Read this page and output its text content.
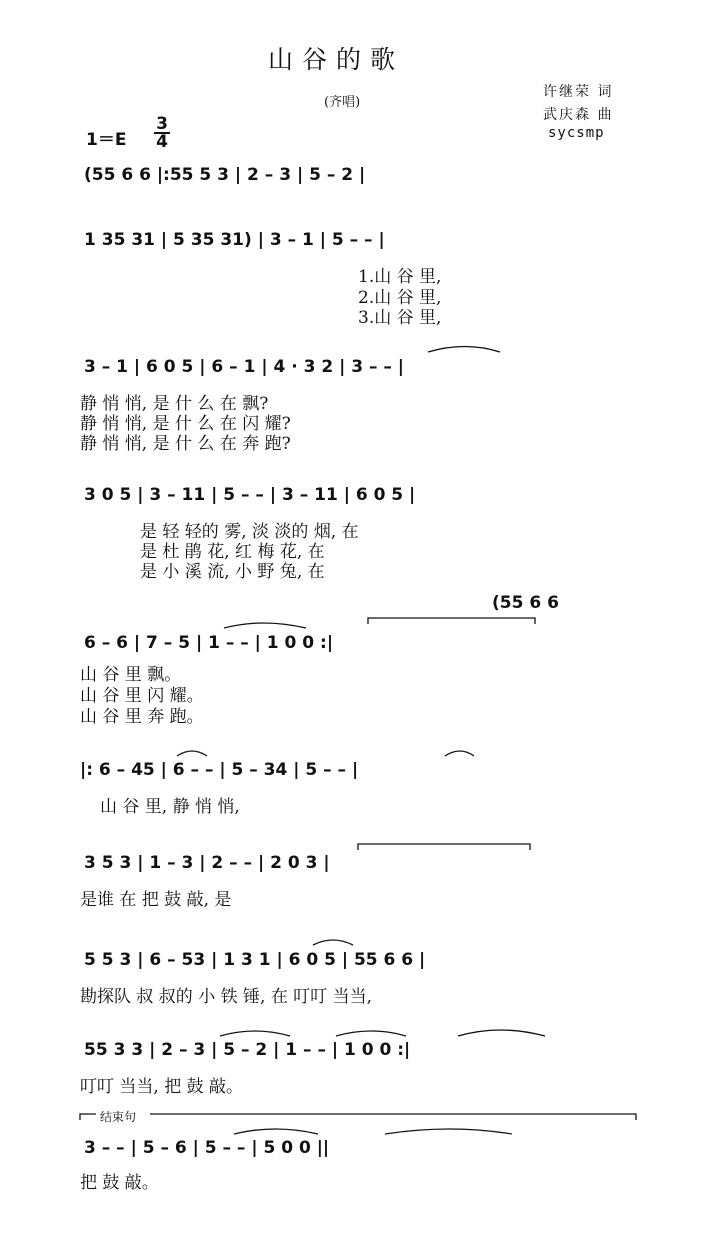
山谷的歌
(齐唱)
许继荣 词
武庆森 曲
sycsmp
$1=E \frac{3}{4}$
(55 6 6 |:55 5 3 | 2 – 3 | 5 – 2 |
1 35 31 | 5 35 31) | 3 – 1 | 5 – – |
1.山 谷 里,
2.山 谷 里,
3.山 谷 里,
3 – 1 | 6 0 5 | 6 – 1 | 4 · 3 2 | 3 – – |
静 悄 悄, 是 什 么 在 飘?
静 悄 悄, 是 什 么 在 闪 耀?
静 悄 悄, 是 什 么 在 奔 跑?
3 0 5 | 3 – 11 | 5 – – | 3 – 11 | 6 0 5 |
是 轻 轻的 雾, 淡 淡的 烟, 在
是 杜 鹃 花, 红 梅 花, 在
是 小 溪 流, 小 野 兔, 在
(55 6 6
6 – 6 | 7 – 5 | 1 – – | 1 0 0 :|
山 谷 里 飘。
山 谷 里 闪 耀。
山 谷 里 奔 跑。
|: 6 – 45 | 6 – – | 5 – 34 | 5 – – |
山 谷 里, 静 悄 悄,
3 5 3 | 1 – 3 | 2 – – | 2 0 3 |
是谁 在 把 鼓 敲, 是
5 5 3 | 6 – 53 | 1 3 1 | 6 0 5 | 55 6 6 |
勘探队 叔 叔的 小 铁 锤, 在 叮叮 当当,
55 3 3 | 2 – 3 | 5 – 2 | 1 – – | 1 0 0 :|
叮叮 当当, 把 鼓 敲。
结束句
3 – – | 5 – 6 | 5 – – | 5 0 0 ||
把 鼓 敲。
